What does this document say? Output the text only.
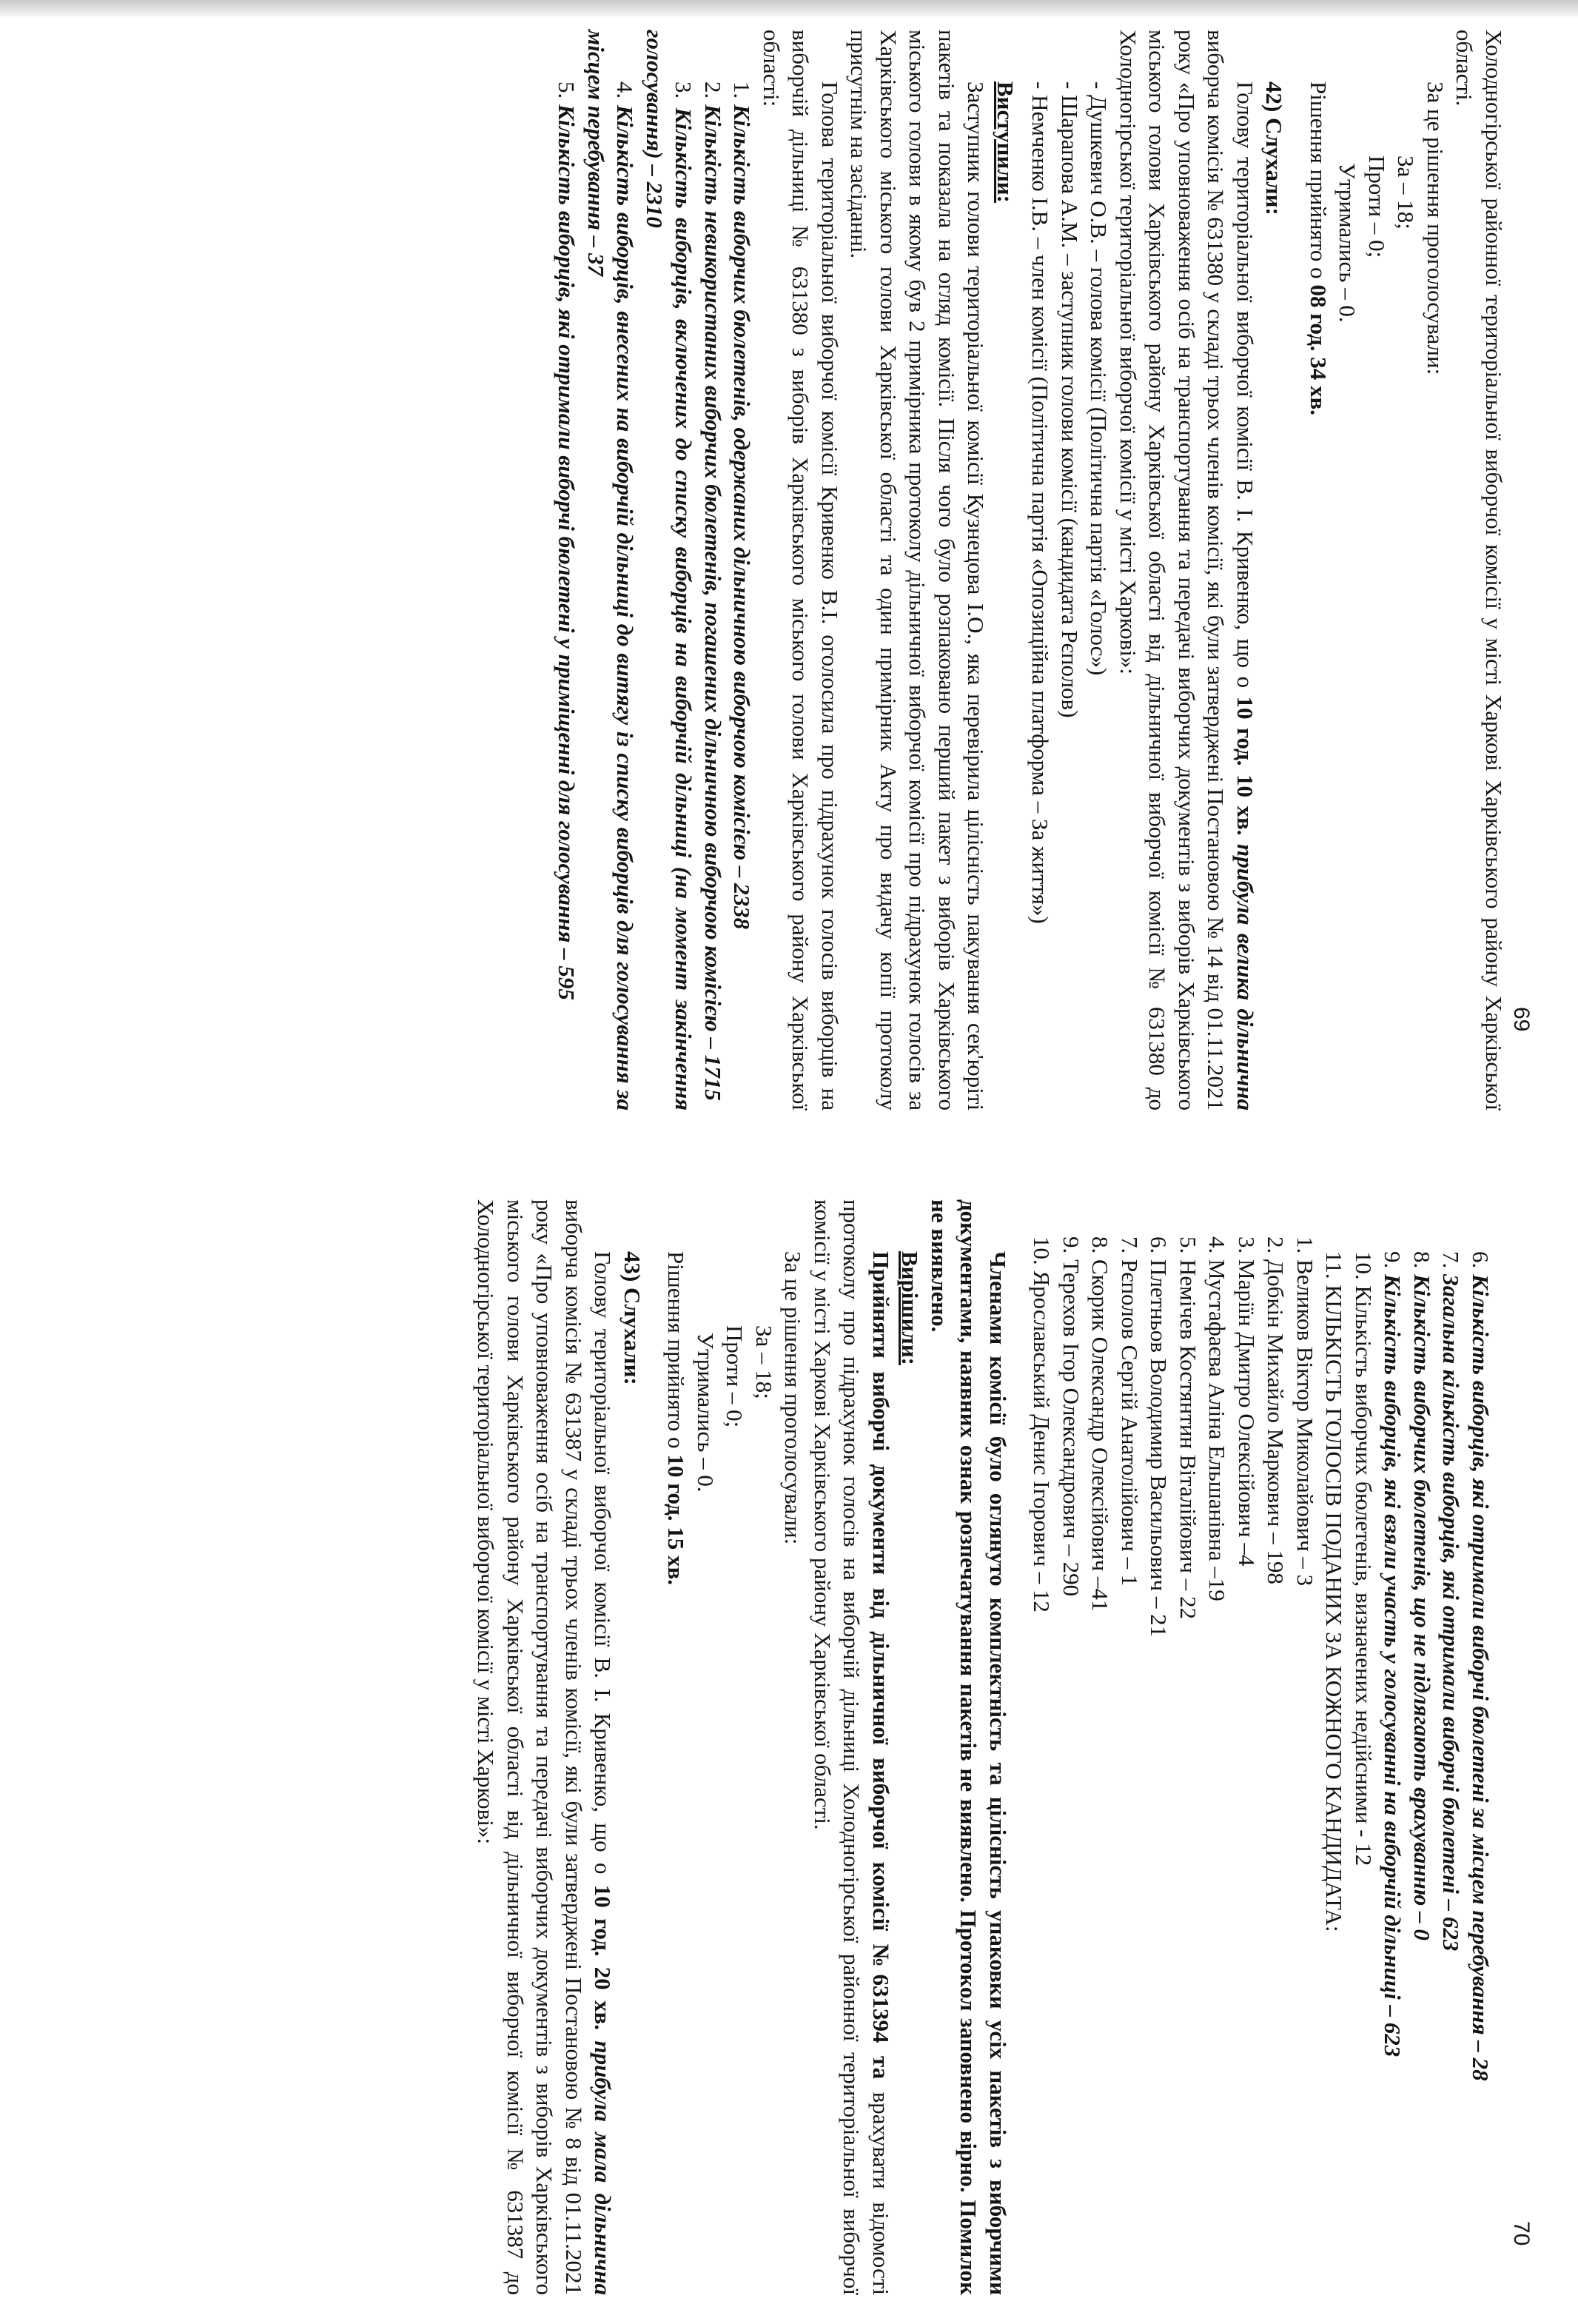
69

Холодногірської районної територіальної виборчої комісії у місті Харкові Харківського району Харківської області.

За це рішення проголосували:

За – 18;

Проти – 0;

Утримались – 0.

Рішення прийнято о 08 год. 34 хв.

42) Слухали:

Голову територіальної виборчої комісії В. І. Кривенко, що о 10 год. 10 хв. прибула велика дільнична виборча комісія № 631380 у складі трьох членів комісії, які були затверджені Постановою № 14 від 01.11.2021 року «Про уповноваження осіб на транспортування та передачі виборчих документів з виборів Харківського міського голови Харківського району Харківської області від дільничної виборчої комісії № 631380 до Холодногірської територіальної виборчої комісії у місті Харкові»:

- Душкевич О.В. – голова комісії (Політична партія «Голос»)

- Шарапова А.М. – заступник голови комісії (кандидата Рєполов)

- Немченко І.В. – член комісії (Політична партія «Опозиційна платформа – За життя»)

Виступили:

Заступник голови територіальної комісії Кузнецова І.О., яка перевірила цілісність пакування сек'юріті пакетів та показала на огляд комісії. Після чого було розпаковано перший пакет з виборів Харківського міського голови в якому був 2 примірника протоколу дільничної виборчої комісії про підрахунок голосів за Харківського міського голови Харківської області та один примірник Акту про видачу копії протоколу присутнім на засіданні.

Голова територіальної виборчої комісії Кривенко В.І. оголосила про підрахунок голосів виборців на виборчій дільниці № 631380 з виборів Харківського міського голови Харківського району Харківської області:

1. Кількість виборчих бюлетенів, одержаних дільничною виборчою комісією – 2338

2. Кількість невикористаних виборчих бюлетенів, погашених дільничною виборчою комісією – 1715

3. Кількість виборців, включених до списку виборців на виборчій дільниці (на момент закінчення голосування) – 2310

4. Кількість виборців, внесених на виборчій дільниці до витягу із списку виборців для голосування за місцем перебування – 37

5. Кількість виборців, які отримали виборчі бюлетені у приміщенні для голосування – 595

70

6. Кількість виборців, які отримали виборчі бюлетені за місцем перебування – 28

7. Загальна кількість виборців, які отримали виборчі бюлетені – 623

8. Кількість виборчих бюлетенів, що не підлягають врахуванню – 0

9. Кількість виборців, які взяли участь у голосуванні на виборчій дільниці – 623

10. Кількість виборчих бюлетенів, визначених недійсними - 12

11. КІЛЬКІСТЬ ГОЛОСІВ ПОДАНИХ ЗА КОЖНОГО КАНДИДАТА:

1. Великов Віктор Миколайович – 3

2. Добкін Михайло Маркович – 198

3. Маріїн Дмитро Олексійович –4

4. Мустафаєва Аліна Ельшанівна –19

5. Немічев Костянтин Віталійович – 22

6. Плетньов Володимир Васильович – 21

7. Рєполов Сергій Анатолійович – 1

8. Скорик Олександр Олексійович –41

9. Терехов Ігор Олександрович – 290

10. Ярославський Денис Ігорович – 12

Членами комісії було оглянуто комплектність та цілісність упаковки усіх пакетів з виборчими документами, наявних ознак розпечатування пакетів не виявлено. Протокол заповнено вірно. Помилок не виявлено.

Вирішили:

Прийняти виборчі документи від дільничної виборчої комісії №631394 та врахувати відомості протоколу про підрахунок голосів на виборчій дільниці Холодногірської районної територіальної виборчої комісії у місті Харкові Харківського району Харківської області.

За це рішення проголосували:

За – 18;

Проти – 0;

Утримались – 0.

Рішення прийнято о 10 год. 15 хв.

43) Слухали:

Голову територіальної виборчої комісії В. І. Кривенко, що о 10 год. 20 хв. прибула мала дільнична виборча комісія № 631387 у складі трьох членів комісії, які були затверджені Постановою № 8 від 01.11.2021 року «Про уповноваження осіб на транспортування та передачі виборчих документів з виборів Харківського міського голови Харківського району Харківської області від дільничної виборчої комісії № 631387 до Холодногірської територіальної виборчої комісії у місті Харкові»:
